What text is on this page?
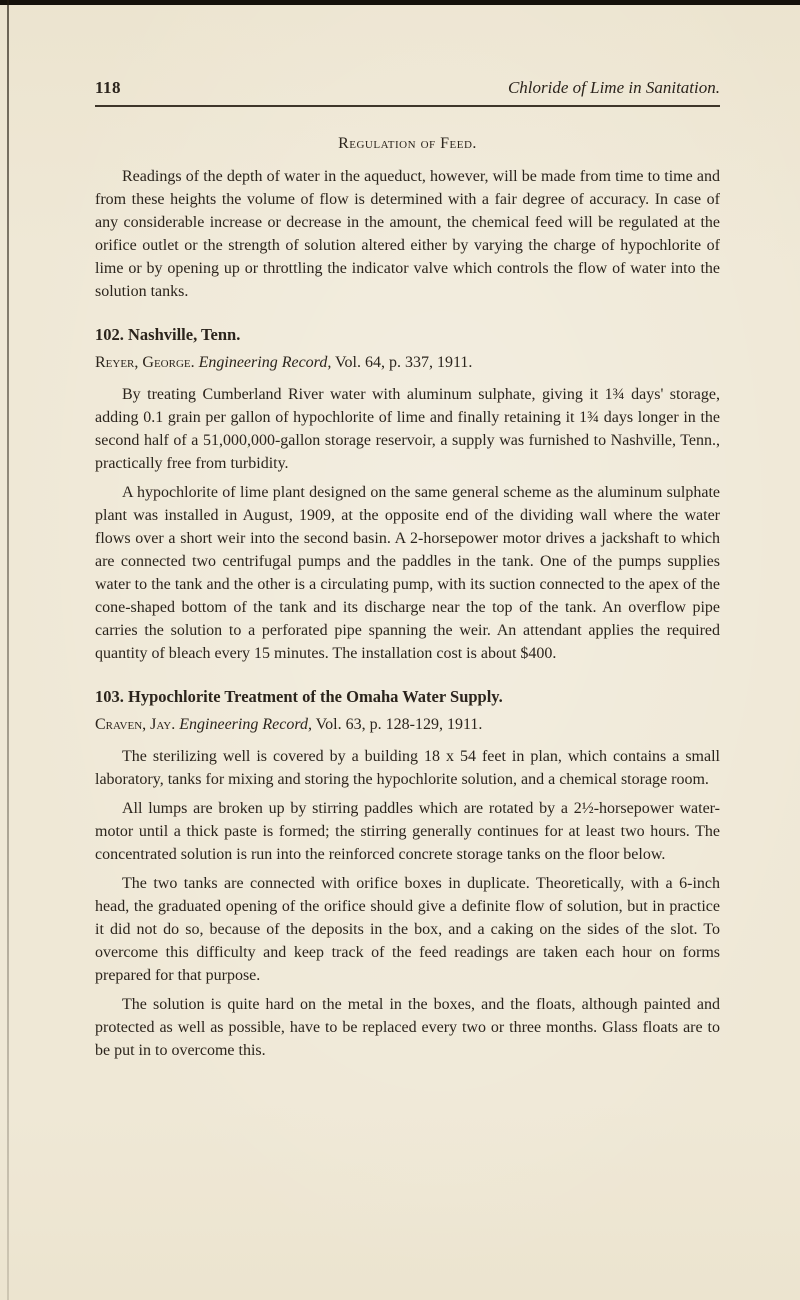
118	Chloride of Lime in Sanitation.
Regulation of Feed.

Readings of the depth of water in the aqueduct, however, will be made from time to time and from these heights the volume of flow is determined with a fair degree of accuracy. In case of any considerable increase or decrease in the amount, the chemical feed will be regulated at the orifice outlet or the strength of solution altered either by varying the charge of hypochlorite of lime or by opening up or throttling the indicator valve which controls the flow of water into the solution tanks.

102. Nashville, Tenn.

Reyer, George. Engineering Record, Vol. 64, p. 337, 1911.

By treating Cumberland River water with aluminum sulphate, giving it 1¾ days' storage, adding 0.1 grain per gallon of hypochlorite of lime and finally retaining it 1¾ days longer in the second half of a 51,000,000-gallon storage reservoir, a supply was furnished to Nashville, Tenn., practically free from turbidity.

A hypochlorite of lime plant designed on the same general scheme as the aluminum sulphate plant was installed in August, 1909, at the opposite end of the dividing wall where the water flows over a short weir into the second basin. A 2-horsepower motor drives a jackshaft to which are connected two centrifugal pumps and the paddles in the tank. One of the pumps supplies water to the tank and the other is a circulating pump, with its suction connected to the apex of the cone-shaped bottom of the tank and its discharge near the top of the tank. An overflow pipe carries the solution to a perforated pipe spanning the weir. An attendant applies the required quantity of bleach every 15 minutes. The installation cost is about $400.

103. Hypochlorite Treatment of the Omaha Water Supply.

Craven, Jay. Engineering Record, Vol. 63, p. 128-129, 1911.

The sterilizing well is covered by a building 18 x 54 feet in plan, which contains a small laboratory, tanks for mixing and storing the hypochlorite solution, and a chemical storage room.

All lumps are broken up by stirring paddles which are rotated by a 2½-horsepower water-motor until a thick paste is formed; the stirring generally continues for at least two hours. The concentrated solution is run into the reinforced concrete storage tanks on the floor below.

The two tanks are connected with orifice boxes in duplicate. Theoretically, with a 6-inch head, the graduated opening of the orifice should give a definite flow of solution, but in practice it did not do so, because of the deposits in the box, and a caking on the sides of the slot. To overcome this difficulty and keep track of the feed readings are taken each hour on forms prepared for that purpose.

The solution is quite hard on the metal in the boxes, and the floats, although painted and protected as well as possible, have to be replaced every two or three months. Glass floats are to be put in to overcome this.
